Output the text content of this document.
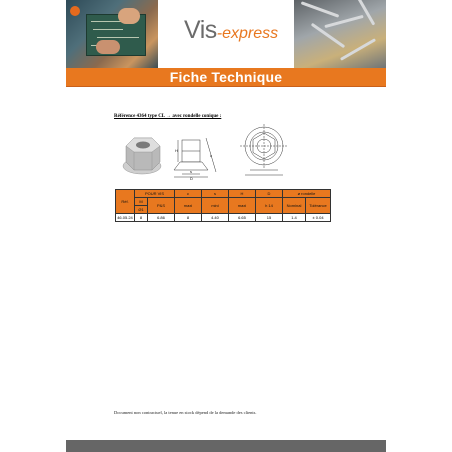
Vis-express
Fiche Technique
Référence 4364 type CL → avec rondelle conique :
H
s
D
c
Réf.	POUR VIS		c	s	H	D	ø rondelle	
	M	P&S	maxi	mini	maxi	h 14	Nominal	Tolérance
	Ø1							
46.05.24	8	6.86	8	4.40	6.65	15	1.4	± 0.04
Document non contractuel, la tenue en stock dépend de la demande des clients.
